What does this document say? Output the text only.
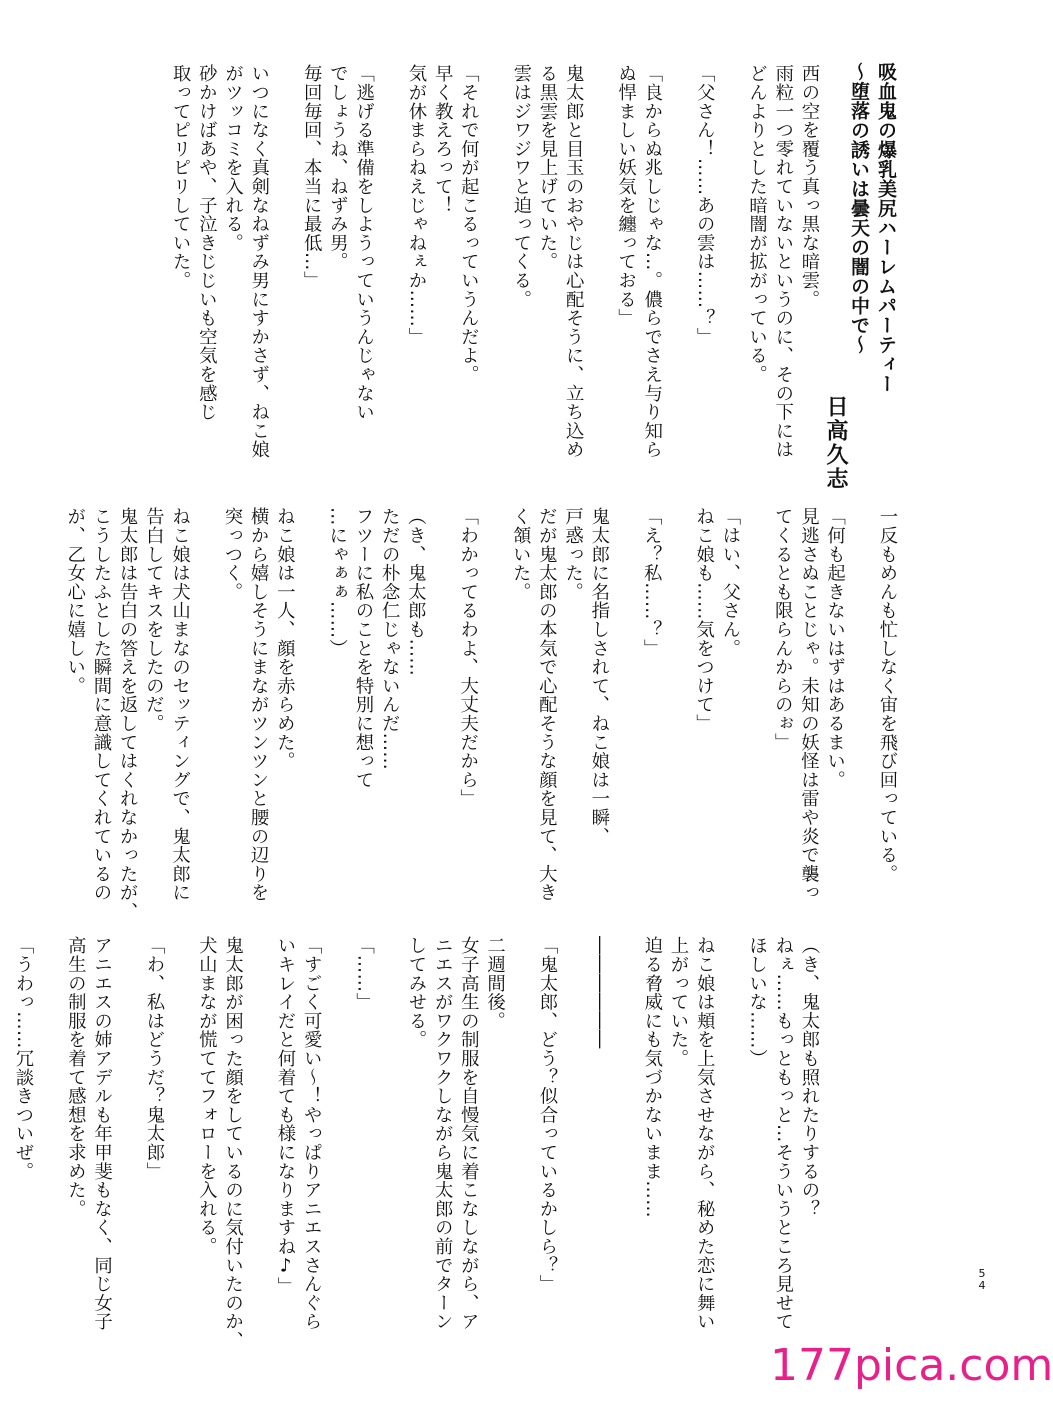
吸血鬼の爆乳美尻ハーレムパーティー
～堕落の誘いは曇天の闇の中で～
日高久志
西の空を覆う真っ黒な暗雲。
雨粒一つ零れていないというのに、その下には
どんよりとした暗闇が拡がっている。

「父さん！……あの雲は……？」

「良からぬ兆しじゃな…。儂らでさえ与り知ら
ぬ悍ましい妖気を纏っておる」

鬼太郎と目玉のおやじは心配そうに、立ち込め
る黒雲を見上げていた。
雲はジワジワと迫ってくる。

「それで何が起こるっていうんだよ。
早く教えろって！
気が休まらねえじゃねぇか……」

「逃げる準備をしようっていうんじゃない
でしょうね、ねずみ男。
毎回毎回、本当に最低…」

いつになく真剣なねずみ男にすかさず、ねこ娘
がツッコミを入れる。
砂かけばあや、子泣きじじいも空気を感じ
取ってピリピリしていた。
一反もめんも忙しなく宙を飛び回っている。

「何も起きないはずはあるまい。
見逃さぬことじゃ。未知の妖怪は雷や炎で襲っ
てくるとも限らんからのぉ」

「はい、父さん。
ねこ娘も……気をつけて」

「え？私……？」

鬼太郎に名指しされて、ねこ娘は一瞬、
戸惑った。
だが鬼太郎の本気で心配そうな顔を見て、大き
く頷いた。

「わかってるわよ、大丈夫だから」

（き、鬼太郎も……
ただの朴念仁じゃないんだ……
フツーに私のことを特別に想って
…にゃぁぁ……）

ねこ娘は一人、顔を赤らめた。
横から嬉しそうにまながツンツンと腰の辺りを
突っつく。

ねこ娘は犬山まなのセッティングで、鬼太郎に
告白してキスをしたのだ。
鬼太郎は告白の答えを返してはくれなかったが、
こうしたふとした瞬間に意識してくれているの
が、乙女心に嬉しい。
（き、鬼太郎も照れたりするの？
ねぇ……もっともっと…そういうところ見せて
ほしいな……）

ねこ娘は頬を上気させながら、秘めた恋に舞い
上がっていた。
迫る脅威にも気づかないまま……

――――――

「鬼太郎、どう？似合っているかしら？」

二週間後。
女子高生の制服を自慢気に着こなしながら、ア
ニエスがワクワクしながら鬼太郎の前でターン
してみせる。

「……」

「すごく可愛い～！やっぱりアニエスさんぐら
いキレイだと何着ても様になりますね♪」

鬼太郎が困った顔をしているのに気付いたのか、
犬山まなが慌ててフォローを入れる。

「わ、私はどうだ？鬼太郎」

アニエスの姉アデルも年甲斐もなく、同じ女子
高生の制服を着て感想を求めた。

「うわっ……冗談きついぜ。
54
177pica.com
